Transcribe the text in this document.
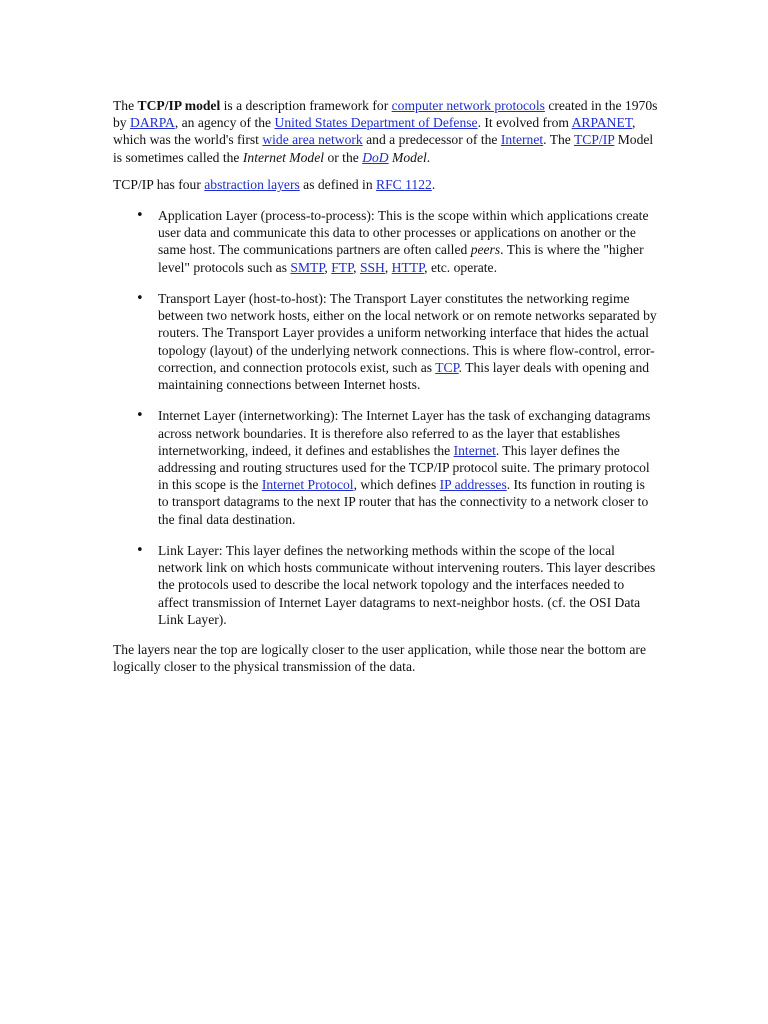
The TCP/IP model is a description framework for computer network protocols created in the 1970s by DARPA, an agency of the United States Department of Defense. It evolved from ARPANET, which was the world's first wide area network and a predecessor of the Internet. The TCP/IP Model is sometimes called the Internet Model or the DoD Model.

TCP/IP has four abstraction layers as defined in RFC 1122.

• Application Layer (process-to-process): This is the scope within which applications create user data and communicate this data to other processes or applications on another or the same host. The communications partners are often called peers. This is where the "higher level" protocols such as SMTP, FTP, SSH, HTTP, etc. operate.
• Transport Layer (host-to-host): The Transport Layer constitutes the networking regime between two network hosts, either on the local network or on remote networks separated by routers. The Transport Layer provides a uniform networking interface that hides the actual topology (layout) of the underlying network connections. This is where flow-control, error-correction, and connection protocols exist, such as TCP. This layer deals with opening and maintaining connections between Internet hosts.
• Internet Layer (internetworking): The Internet Layer has the task of exchanging datagrams across network boundaries. It is therefore also referred to as the layer that establishes internetworking, indeed, it defines and establishes the Internet. This layer defines the addressing and routing structures used for the TCP/IP protocol suite. The primary protocol in this scope is the Internet Protocol, which defines IP addresses. Its function in routing is to transport datagrams to the next IP router that has the connectivity to a network closer to the final data destination.
• Link Layer: This layer defines the networking methods within the scope of the local network link on which hosts communicate without intervening routers. This layer describes the protocols used to describe the local network topology and the interfaces needed to affect transmission of Internet Layer datagrams to next-neighbor hosts. (cf. the OSI Data Link Layer).

The layers near the top are logically closer to the user application, while those near the bottom are logically closer to the physical transmission of the data.
